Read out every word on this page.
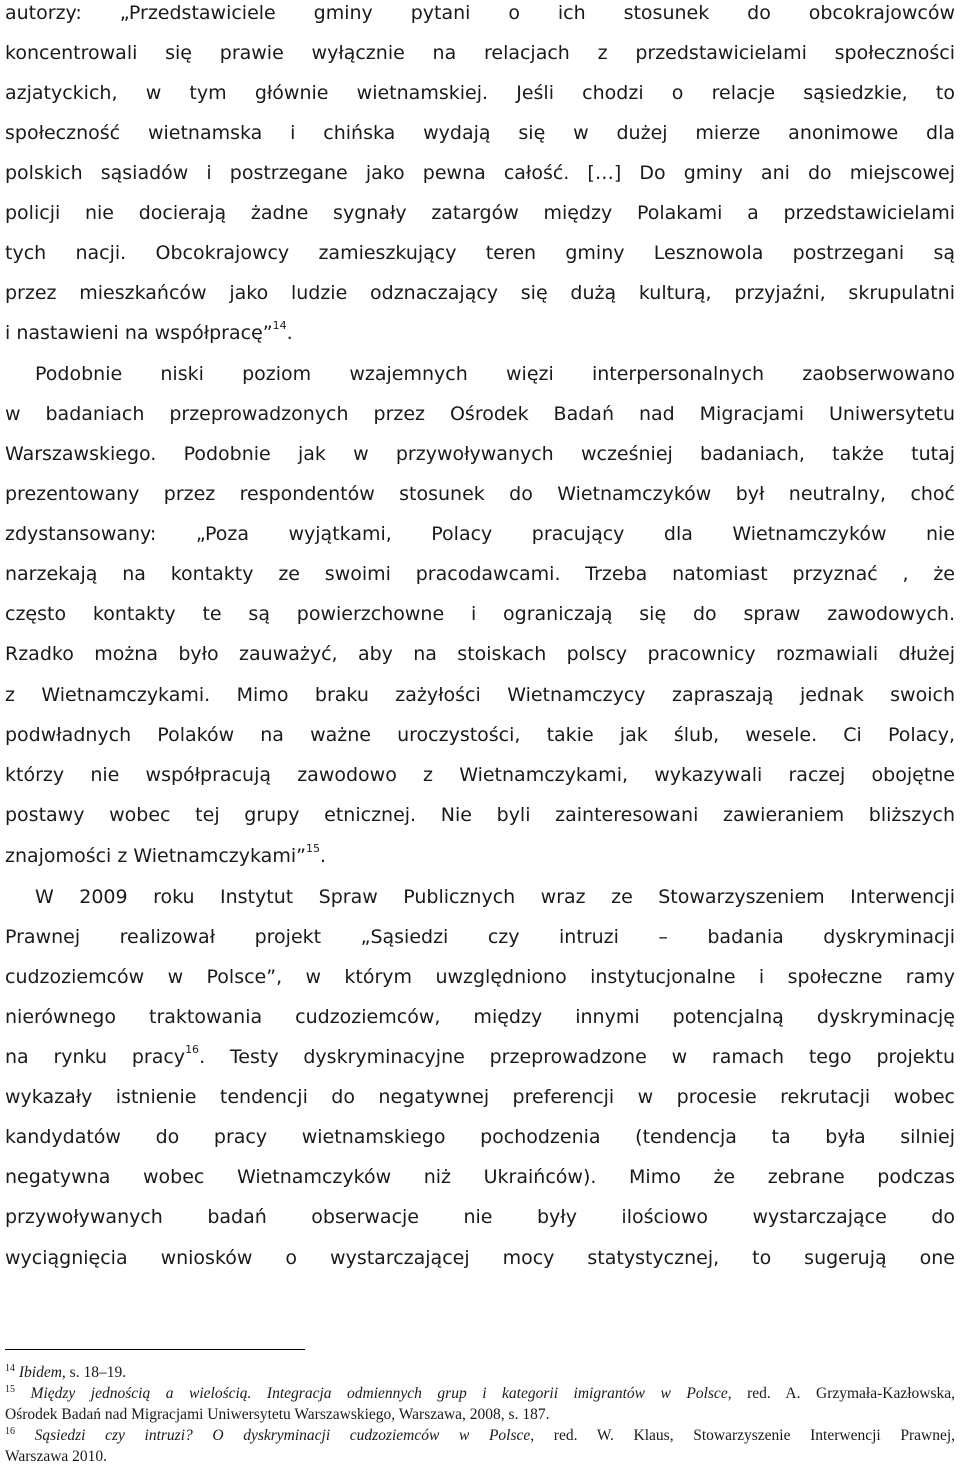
autorzy: „Przedstawiciele gminy pytani o ich stosunek do obcokrajowców
koncentrowali się prawie wyłącznie na relacjach z przedstawicielami społeczności
azjatyckich, w tym głównie wietnamskiej. Jeśli chodzi o relacje sąsiedzkie, to
społeczność wietnamska i chińska wydają się w dużej mierze anonimowe dla
polskich sąsiadów i postrzegane jako pewna całość. […] Do gminy ani do miejscowej
policji nie docierają żadne sygnały zatargów między Polakami a przedstawicielami
tych nacji. Obcokrajowcy zamieszkujący teren gminy Lesznowola postrzegani są
przez mieszkańców jako ludzie odznaczający się dużą kulturą, przyjaźni, skrupulatni
i nastawieni na współpracę”$^{14}$.
Podobnie niski poziom wzajemnych więzi interpersonalnych zaobserwowano
w badaniach przeprowadzonych przez Ośrodek Badań nad Migracjami Uniwersytetu
Warszawskiego. Podobnie jak w przywoływanych wcześniej badaniach, także tutaj
prezentowany przez respondentów stosunek do Wietnamczyków był neutralny, choć
zdystansowany: „Poza wyjątkami, Polacy pracujący dla Wietnamczyków nie
narzekają na kontakty ze swoimi pracodawcami. Trzeba natomiast przyznać , że
często kontakty te są powierzchowne i ograniczają się do spraw zawodowych.
Rzadko można było zauważyć, aby na stoiskach polscy pracownicy rozmawiali dłużej
z Wietnamczykami. Mimo braku zażyłości Wietnamczycy zapraszają jednak swoich
podwładnych Polaków na ważne uroczystości, takie jak ślub, wesele. Ci Polacy,
którzy nie współpracują zawodowo z Wietnamczykami, wykazywali raczej obojętne
postawy wobec tej grupy etnicznej. Nie byli zainteresowani zawieraniem bliższych
znajomości z Wietnamczykami”$^{15}$.
W 2009 roku Instytut Spraw Publicznych wraz ze Stowarzyszeniem Interwencji
Prawnej realizował projekt „Sąsiedzi czy intruzi – badania dyskryminacji
cudzoziemców w Polsce”, w którym uwzględniono instytucjonalne i społeczne ramy
nierównego traktowania cudzoziemców, między innymi potencjalną dyskryminację
na rynku pracy$^{16}$. Testy dyskryminacyjne przeprowadzone w ramach tego projektu
wykazały istnienie tendencji do negatywnej preferencji w procesie rekrutacji wobec
kandydatów do pracy wietnamskiego pochodzenia (tendencja ta była silniej
negatywna wobec Wietnamczyków niż Ukraińców). Mimo że zebrane podczas
przywoływanych badań obserwacje nie były ilościowo wystarczające do
wyciągnięcia wniosków o wystarczającej mocy statystycznej, to sugerują one
$^{14}$ Ibidem, s. 18–19.
$^{15}$ Między jednością a wielością. Integracja odmiennych grup i kategorii imigrantów w Polsce, red. A. Grzymała-Kazłowska,
Ośrodek Badań nad Migracjami Uniwersytetu Warszawskiego, Warszawa, 2008, s. 187.
$^{16}$ Sąsiedzi czy intruzi? O dyskryminacji cudzoziemców w Polsce, red. W. Klaus, Stowarzyszenie Interwencji Prawnej,
Warszawa 2010.
